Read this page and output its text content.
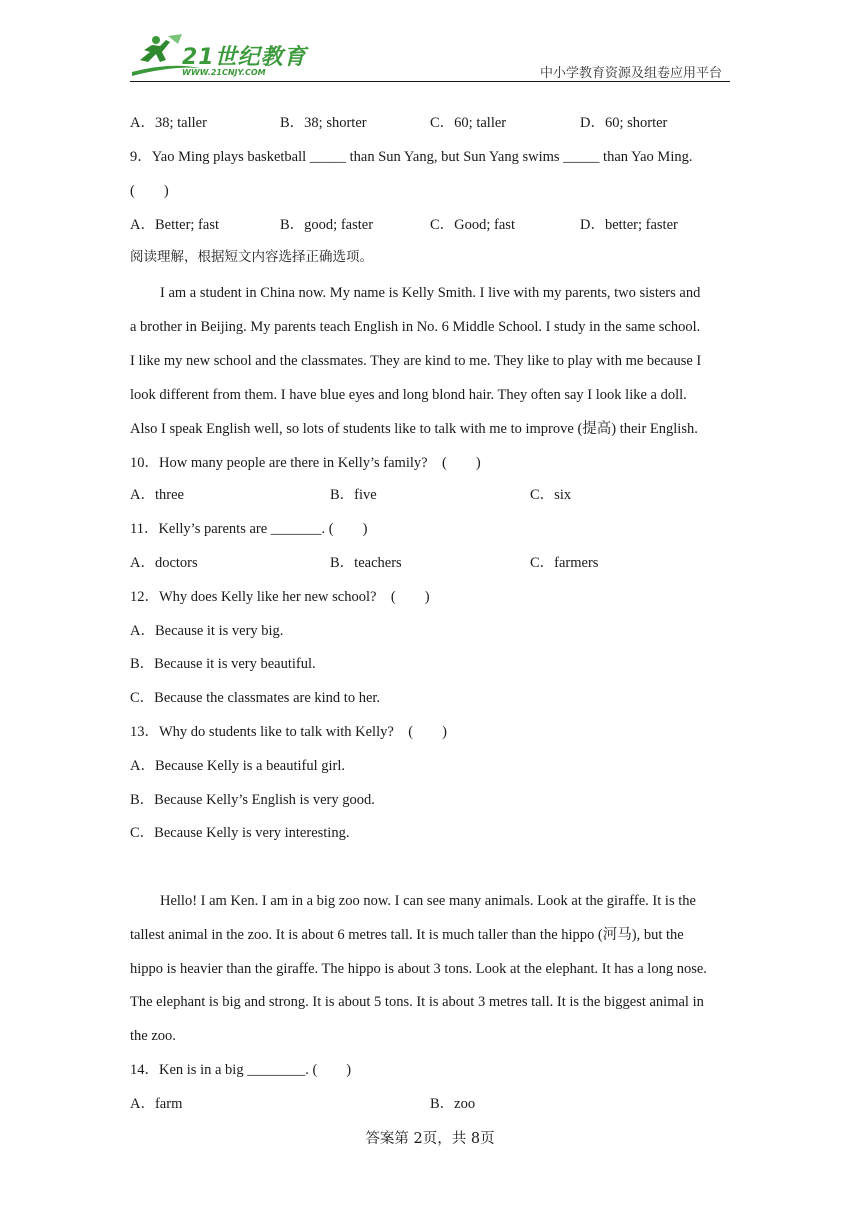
21世纪教育
WWW.21CNJY.COM	中小学教育资源及组卷应用平台
A．38; taller	B．38; shorter	C．60; taller	D．60; shorter
9．Yao Ming plays basketball _____ than Sun Yang, but Sun Yang swims _____ than Yao Ming.
(　　)
A．Better; fast	B．good; faster	C．Good; fast	D．better; faster
阅读理解，根据短文内容选择正确选项。
I am a student in China now. My name is Kelly Smith. I live with my parents, two sisters and
a brother in Beijing. My parents teach English in No. 6 Middle School. I study in the same school.
I like my new school and the classmates. They are kind to me. They like to play with me because I
look different from them. I have blue eyes and long blond hair. They often say I look like a doll.
Also I speak English well, so lots of students like to talk with me to improve (提高) their English.
10．How many people are there in Kelly’s family?　(　　)
A．three	B．five	C．six
11．Kelly’s parents are _______. (　　)
A．doctors	B．teachers	C．farmers
12．Why does Kelly like her new school?　(　　)
A．Because it is very big.
B．Because it is very beautiful.
C．Because the classmates are kind to her.
13．Why do students like to talk with Kelly?　(　　)
A．Because Kelly is a beautiful girl.
B．Because Kelly’s English is very good.
C．Because Kelly is very interesting.
Hello! I am Ken. I am in a big zoo now. I can see many animals. Look at the giraffe. It is the
tallest animal in the zoo. It is about 6 metres tall. It is much taller than the hippo (河马), but the
hippo is heavier than the giraffe. The hippo is about 3 tons. Look at the elephant. It has a long nose.
The elephant is big and strong. It is about 5 tons. It is about 3 metres tall. It is the biggest animal in
the zoo.
14．Ken is in a big ________. (　　)
A．farm	B．zoo
答案第 2页，共 8页
